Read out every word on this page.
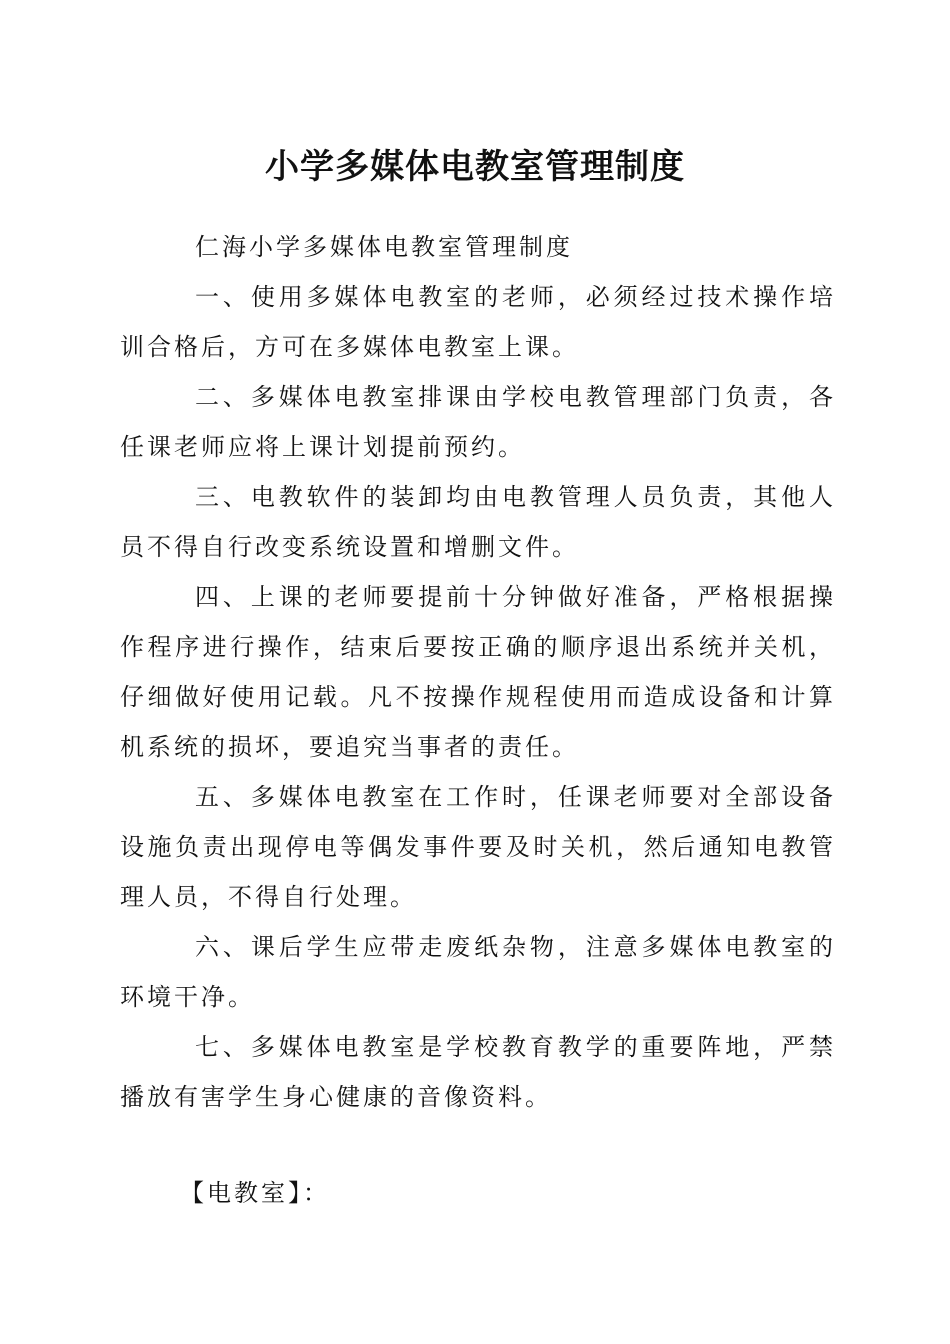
小学多媒体电教室管理制度

仁海小学多媒体电教室管理制度

一、使用多媒体电教室的老师，必须经过技术操作培训合格后，方可在多媒体电教室上课。

二、多媒体电教室排课由学校电教管理部门负责，各任课老师应将上课计划提前预约。

三、电教软件的装卸均由电教管理人员负责，其他人员不得自行改变系统设置和增删文件。

四、上课的老师要提前十分钟做好准备，严格根据操作程序进行操作，结束后要按正确的顺序退出系统并关机，仔细做好使用记载。凡不按操作规程使用而造成设备和计算机系统的损坏，要追究当事者的责任。

五、多媒体电教室在工作时，任课老师要对全部设备设施负责出现停电等偶发事件要及时关机，然后通知电教管理人员，不得自行处理。

六、课后学生应带走废纸杂物，注意多媒体电教室的环境干净。

七、多媒体电教室是学校教育教学的重要阵地，严禁播放有害学生身心健康的音像资料。

【电教室】：
